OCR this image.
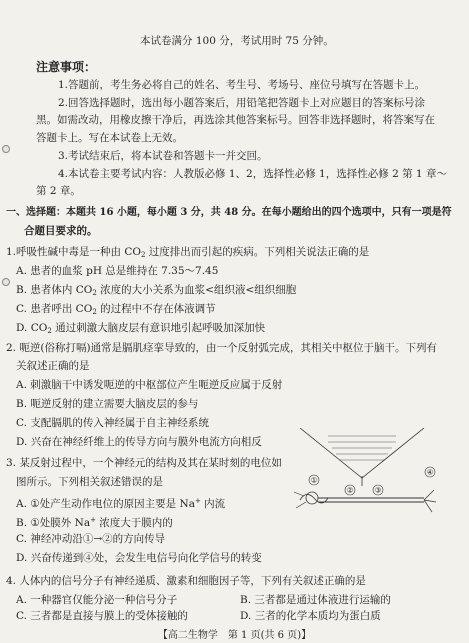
本试卷满分 100 分，考试用时 75 分钟。
注意事项：
1.答题前，考生务必将自己的姓名、考生号、考场号、座位号填写在答题卡上。
2.回答选择题时，选出每小题答案后，用铅笔把答题卡上对应题目的答案标号涂
黑。如需改动，用橡皮擦干净后，再选涂其他答案标号。回答非选择题时，将答案写在
答题卡上。写在本试卷上无效。
3.考试结束后，将本试卷和答题卡一并交回。
4.本试卷主要考试内容：人教版必修 1、2，选择性必修 1，选择性必修 2 第 1 章～
第 2 章。
一、选择题：本题共 16 小题，每小题 3 分，共 48 分。在每小题给出的四个选项中，只有一项是符
合题目要求的。
1.呼吸性碱中毒是一种由 $CO_2$ 过度排出而引起的疾病。下列相关说法正确的是
A. 患者的血浆 pH 总是维持在 7.35～7.45
B. 患者体内 $CO_2$ 浓度的大小关系为血浆<组织液<组织细胞
C. 患者呼出 $CO_2$ 的过程中不存在体液调节
D. $CO_2$ 通过刺激大脑皮层有意识地引起呼吸加深加快
2. 呃逆(俗称打嗝)通常是膈肌痉挛导致的，由一个反射弧完成，其相关中枢位于脑干。下列有
关叙述正确的是
A. 刺激脑干中诱发呃逆的中枢部位产生呃逆反应属于反射
B. 呃逆反射的建立需要大脑皮层的参与
C. 支配膈肌的传入神经属于自主神经系统
D. 兴奋在神经纤维上的传导方向与膜外电流方向相反
3. 某反射过程中，一个神经元的结构及其在某时刻的电位如
图所示。下列相关叙述错误的是
A. ①处产生动作电位的原因主要是 Na+ 内流
B. ①处膜外 Na+ 浓度大于膜内的
C. 神经冲动沿①→②的方向传导
D. 兴奋传递到④处，会发生电信号向化学信号的转变
①
②	③
④
4. 人体内的信号分子有神经递质、激素和细胞因子等，下列有关叙述正确的是
A. 一种器官仅能分泌一种信号分子	B. 三者都是通过体液进行运输的
C. 三者都是直接与膜上的受体接触的	D. 三者的化学本质均为蛋白质
【高二生物学　第 1 页(共 6 页)】
